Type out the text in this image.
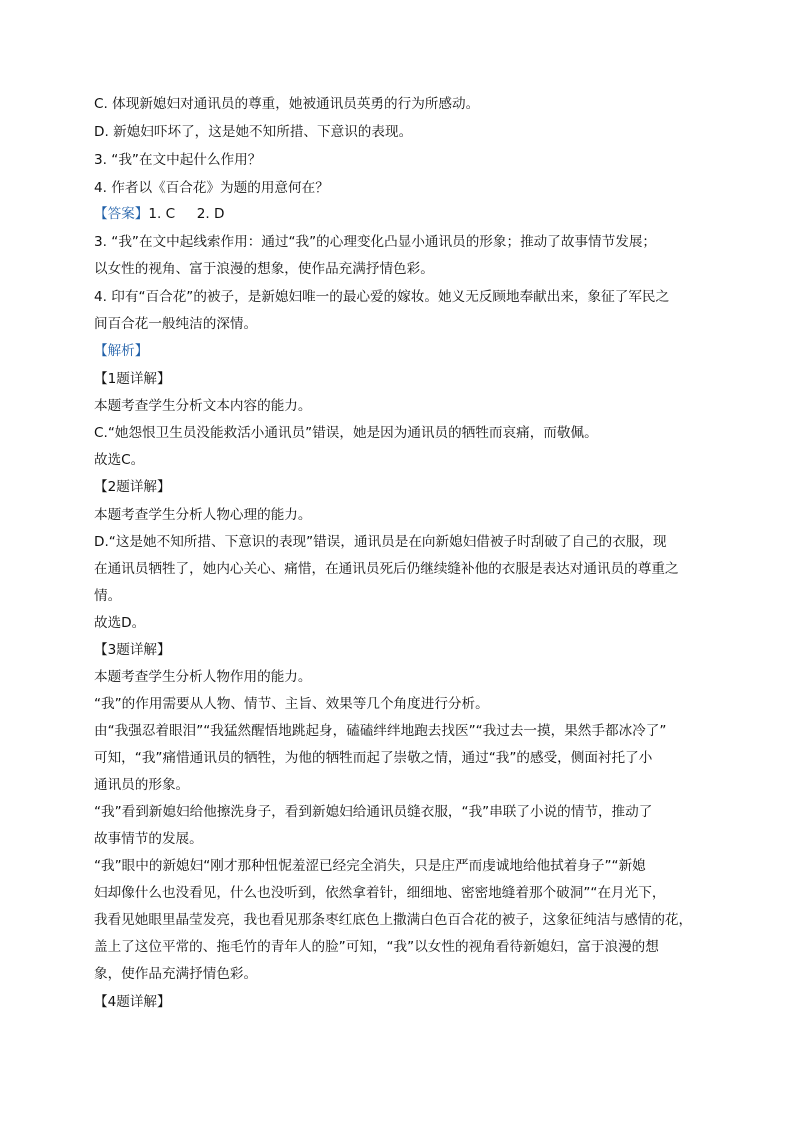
C. 体现新媳妇对通讯员的尊重，她被通讯员英勇的行为所感动。
D. 新媳妇吓坏了，这是她不知所措、下意识的表现。
3. “我”在文中起什么作用？
4. 作者以《百合花》为题的用意何在？
【答案】1. C     2. D
3. “我”在文中起线索作用：通过“我”的心理变化凸显小通讯员的形象；推动了故事情节发展；
以女性的视角、富于浪漫的想象，使作品充满抒情色彩。
4. 印有“百合花”的被子，是新媳妇唯一的最心爱的嫁妆。她义无反顾地奉献出来，象征了军民之
间百合花一般纯洁的深情。
【解析】
【1题详解】
本题考查学生分析文本内容的能力。
C.“她怨恨卫生员没能救活小通讯员”错误，她是因为通讯员的牺牲而哀痛，而敬佩。
故选C。
【2题详解】
本题考查学生分析人物心理的能力。
D.“这是她不知所措、下意识的表现”错误，通讯员是在向新媳妇借被子时刮破了自己的衣服，现
在通讯员牺牲了，她内心关心、痛惜，在通讯员死后仍继续缝补他的衣服是表达对通讯员的尊重之
情。
故选D。
【3题详解】
本题考查学生分析人物作用的能力。
“我”的作用需要从人物、情节、主旨、效果等几个角度进行分析。
由“我强忍着眼泪”“我猛然醒悟地跳起身，磕磕绊绊地跑去找医”“我过去一摸，果然手都冰冷了”
可知，“我”痛惜通讯员的牺牲，为他的牺牲而起了崇敬之情，通过“我”的感受，侧面衬托了小
通讯员的形象。
“我”看到新媳妇给他擦洗身子，看到新媳妇给通讯员缝衣服，“我”串联了小说的情节，推动了
故事情节的发展。
“我”眼中的新媳妇“刚才那种忸怩羞涩已经完全消失，只是庄严而虔诚地给他拭着身子”“新媳
妇却像什么也没看见，什么也没听到，依然拿着针，细细地、密密地缝着那个破洞”“在月光下，
我看见她眼里晶莹发亮，我也看见那条枣红底色上撒满白色百合花的被子，这象征纯洁与感情的花，
盖上了这位平常的、拖毛竹的青年人的脸”可知，“我”以女性的视角看待新媳妇，富于浪漫的想
象，使作品充满抒情色彩。
【4题详解】
